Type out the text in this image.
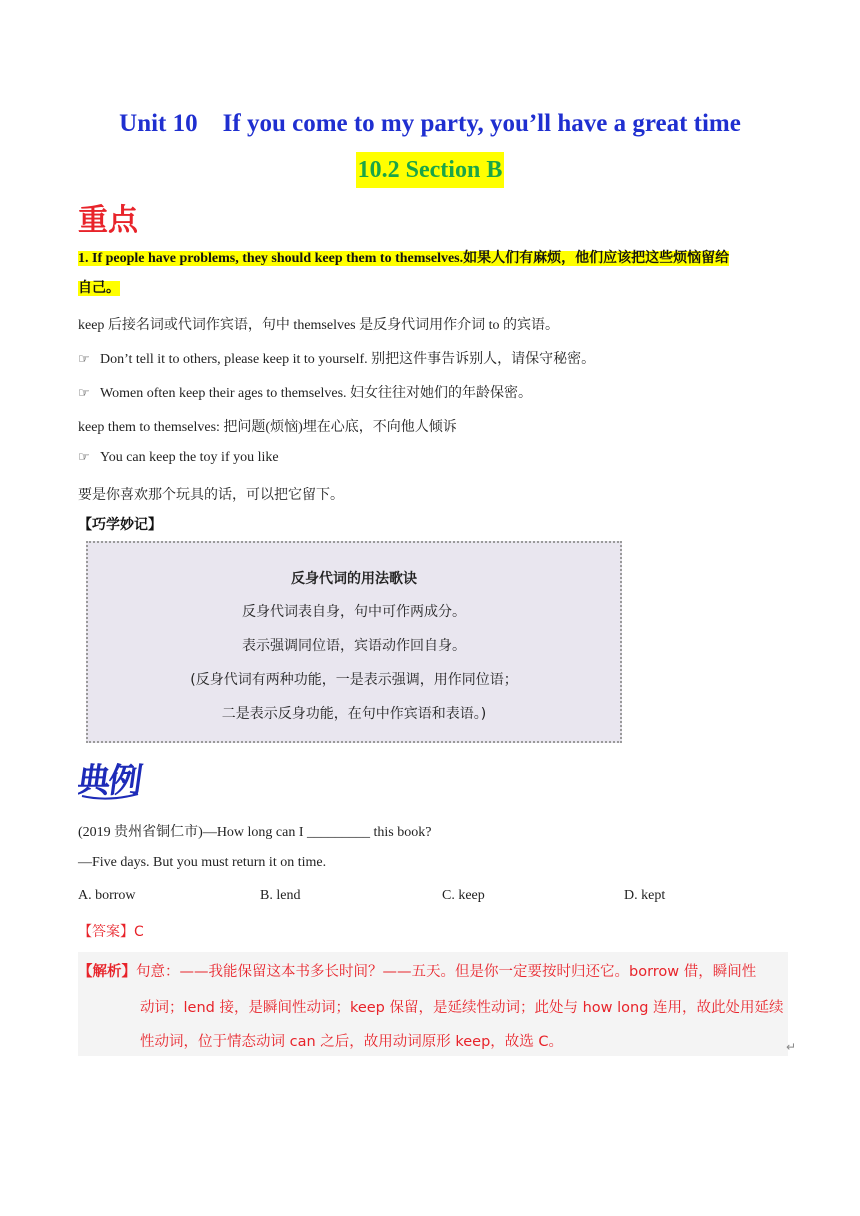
Unit 10    If you come to my party, you’ll have a great time
10.2 Section B
重点
1. If people have problems, they should keep them to themselves.如果人们有麻烦，他们应该把这些烦恼留给
自己。
keep 后接名词或代词作宾语，句中 themselves 是反身代词用作介词 to 的宾语。
☞ Don’t tell it to others, please keep it to yourself. 别把这件事告诉别人，请保守秘密。
☞ Women often keep their ages to themselves. 妇女往往对她们的年龄保密。
keep them to themselves: 把问题(烦恼)埋在心底，不向他人倾诉
☞ You can keep the toy if you like
要是你喜欢那个玩具的话，可以把它留下。
【巧学妙记】
反身代词的用法歌诀
反身代词表自身，句中可作两成分。
表示强调同位语，宾语动作回自身。
(反身代词有两种功能，一是表示强调，用作同位语；
二是表示反身功能，在句中作宾语和表语。)
典例
(2019 贵州省铜仁市)—How long can I _________ this book?
—Five days. But you must return it on time.
A. borrow	B. lend	C. keep	D. kept
【答案】C
【解析】句意：——我能保留这本书多长时间？——五天。但是你一定要按时归还它。borrow 借，瞬间性
动词；lend 接，是瞬间性动词；keep 保留，是延续性动词；此处与 how long 连用，故此处用延续
性动词，位于情态动词 can 之后，故用动词原形 keep，故选 C。	↵
